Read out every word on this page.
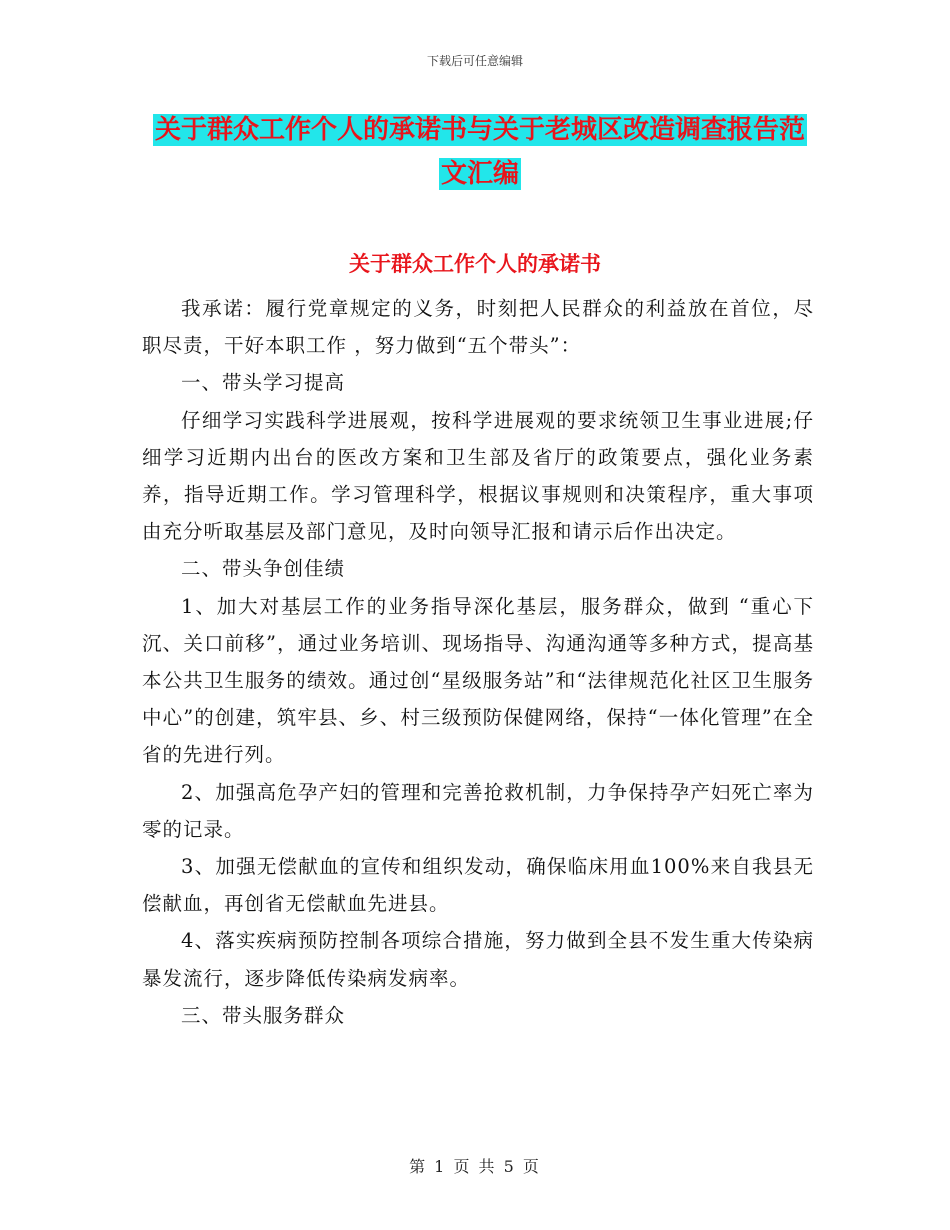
下载后可任意编辑
关于群众工作个人的承诺书与关于老城区改造调查报告范文汇编
关于群众工作个人的承诺书

我承诺：履行党章规定的义务，时刻把人民群众的利益放在首位，尽职尽责，干好本职工作 ，努力做到“五个带头”：

一、带头学习提高

仔细学习实践科学进展观，按科学进展观的要求统领卫生事业进展;仔细学习近期内出台的医改方案和卫生部及省厅的政策要点，强化业务素养，指导近期工作。学习管理科学，根据议事规则和决策程序，重大事项由充分听取基层及部门意见，及时向领导汇报和请示后作出决定。

二、带头争创佳绩

1、加大对基层工作的业务指导深化基层，服务群众，做到 “重心下沉、关口前移”，通过业务培训、现场指导、沟通沟通等多种方式，提高基本公共卫生服务的绩效。通过创“星级服务站”和“法律规范化社区卫生服务中心”的创建，筑牢县、乡、村三级预防保健网络，保持“一体化管理”在全省的先进行列。

2、加强高危孕产妇的管理和完善抢救机制，力争保持孕产妇死亡率为零的记录。

3、加强无偿献血的宣传和组织发动，确保临床用血100%来自我县无偿献血，再创省无偿献血先进县。

4、落实疾病预防控制各项综合措施，努力做到全县不发生重大传染病暴发流行，逐步降低传染病发病率。

三、带头服务群众

第 1 页 共 5 页
